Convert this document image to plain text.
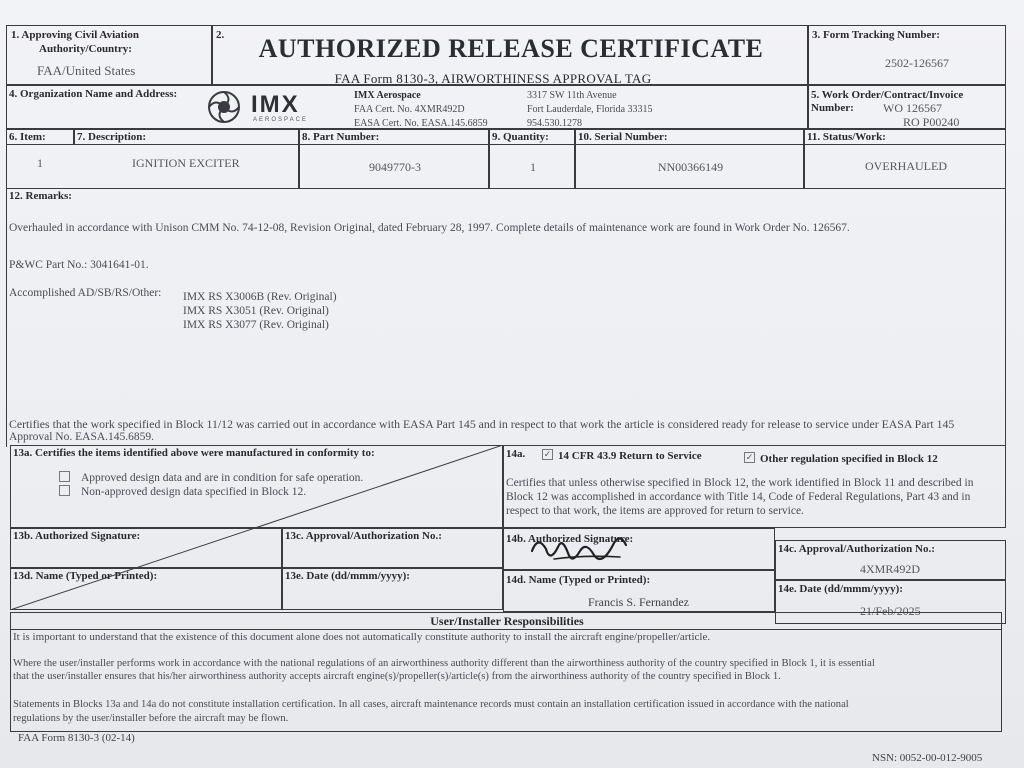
1. Approving Civil Aviation
Authority/Country:
FAA/United States
2.	AUTHORIZED RELEASE CERTIFICATE
FAA Form 8130-3, AIRWORTHINESS APPROVAL TAG
3. Form Tracking Number:
2502-126567
4. Organization Name and Address:	IMX
AEROSPACE
IMX Aerospace
FAA Cert. No. 4XMR492D
EASA Cert. No. EASA.145.6859
3317 SW 11th Avenue
Fort Lauderdale, Florida 33315
954.530.1278
5. Work Order/Contract/Invoice
Number: WO 126567
RO P00240
6. Item:	7. Description:	8. Part Number:	9. Quantity:	10. Serial Number:	11. Status/Work:
1	IGNITION EXCITER	9049770-3	1	NN00366149	OVERHAULED
12. Remarks:
Overhauled in accordance with Unison CMM No. 74-12-08, Revision Original, dated February 28, 1997. Complete details of maintenance work are found in Work Order No. 126567.
P&WC Part No.: 3041641-01.
Accomplished AD/SB/RS/Other: IMX RS X3006B (Rev. Original)
IMX RS X3051 (Rev. Original)
IMX RS X3077 (Rev. Original)
Certifies that the work specified in Block 11/12 was carried out in accordance with EASA Part 145 and in respect to that work the article is considered ready for release to service under EASA Part 145
Approval No. EASA.145.6859.
13a. Certifies the items identified above were manufactured in conformity to:
Approved design data and are in condition for safe operation.
Non-approved design data specified in Block 12.
13b. Authorized Signature:	13c. Approval/Authorization No.:
13d. Name (Typed or Printed):	13e. Date (dd/mmm/yyyy):
14a. ✓ 14 CFR 43.9 Return to Service	✓ Other regulation specified in Block 12
Certifies that unless otherwise specified in Block 12, the work identified in Block 11 and described in
Block 12 was accomplished in accordance with Title 14, Code of Federal Regulations, Part 43 and in
respect to that work, the items are approved for return to service.
14b. Authorized Signature:
14c. Approval/Authorization No.:
4XMR492D
14d. Name (Typed or Printed):
Francis S. Fernandez
14e. Date (dd/mmm/yyyy):
21/Feb/2025
User/Installer Responsibilities
It is important to understand that the existence of this document alone does not automatically constitute authority to install the aircraft engine/propeller/article.
Where the user/installer performs work in accordance with the national regulations of an airworthiness authority different than the airworthiness authority of the country specified in Block 1, it is essential
that the user/installer ensures that his/her airworthiness authority accepts aircraft engine(s)/propeller(s)/article(s) from the airworthiness authority of the country specified in Block 1.
Statements in Blocks 13a and 14a do not constitute installation certification. In all cases, aircraft maintenance records must contain an installation certification issued in accordance with the national
regulations by the user/installer before the aircraft may be flown.
FAA Form 8130-3 (02-14)
NSN: 0052-00-012-9005
